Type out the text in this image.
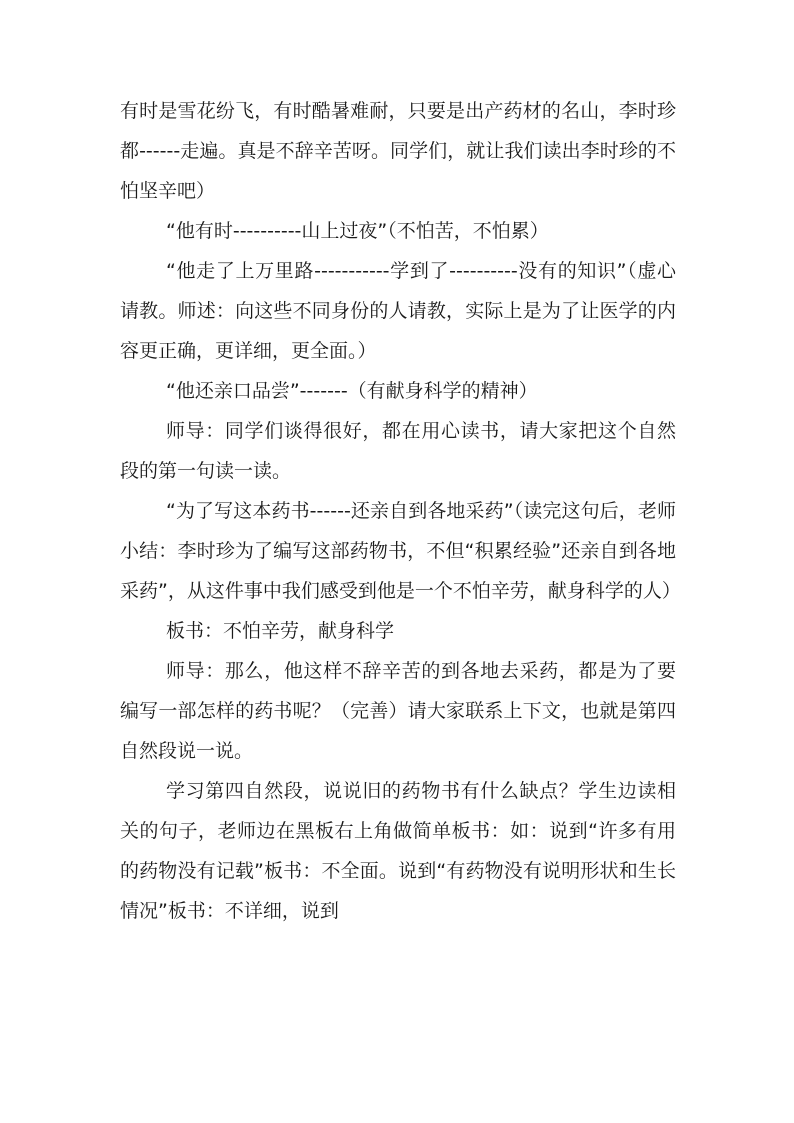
有时是雪花纷飞，有时酷暑难耐，只要是出产药材的名山，李时珍都------走遍。真是不辞辛苦呀。同学们，就让我们读出李时珍的不怕坚辛吧）

“他有时----------山上过夜”（不怕苦，不怕累）

“他走了上万里路-----------学到了----------没有的知识”（虚心请教。师述：向这些不同身份的人请教，实际上是为了让医学的内容更正确，更详细，更全面。）

“他还亲口品尝”-------（有献身科学的精神）

师导：同学们谈得很好，都在用心读书，请大家把这个自然段的第一句读一读。

“为了写这本药书------还亲自到各地采药”（读完这句后，老师小结：李时珍为了编写这部药物书，不但“积累经验”还亲自到各地采药”，从这件事中我们感受到他是一个不怕辛劳，献身科学的人）

板书：不怕辛劳，献身科学

师导：那么，他这样不辞辛苦的到各地去采药，都是为了要编写一部怎样的药书呢？（完善）请大家联系上下文，也就是第四自然段说一说。

学习第四自然段，说说旧的药物书有什么缺点？学生边读相关的句子，老师边在黑板右上角做简单板书：如：说到“许多有用的药物没有记载”板书：不全面。说到“有药物没有说明形状和生长情况”板书：不详细，说到
